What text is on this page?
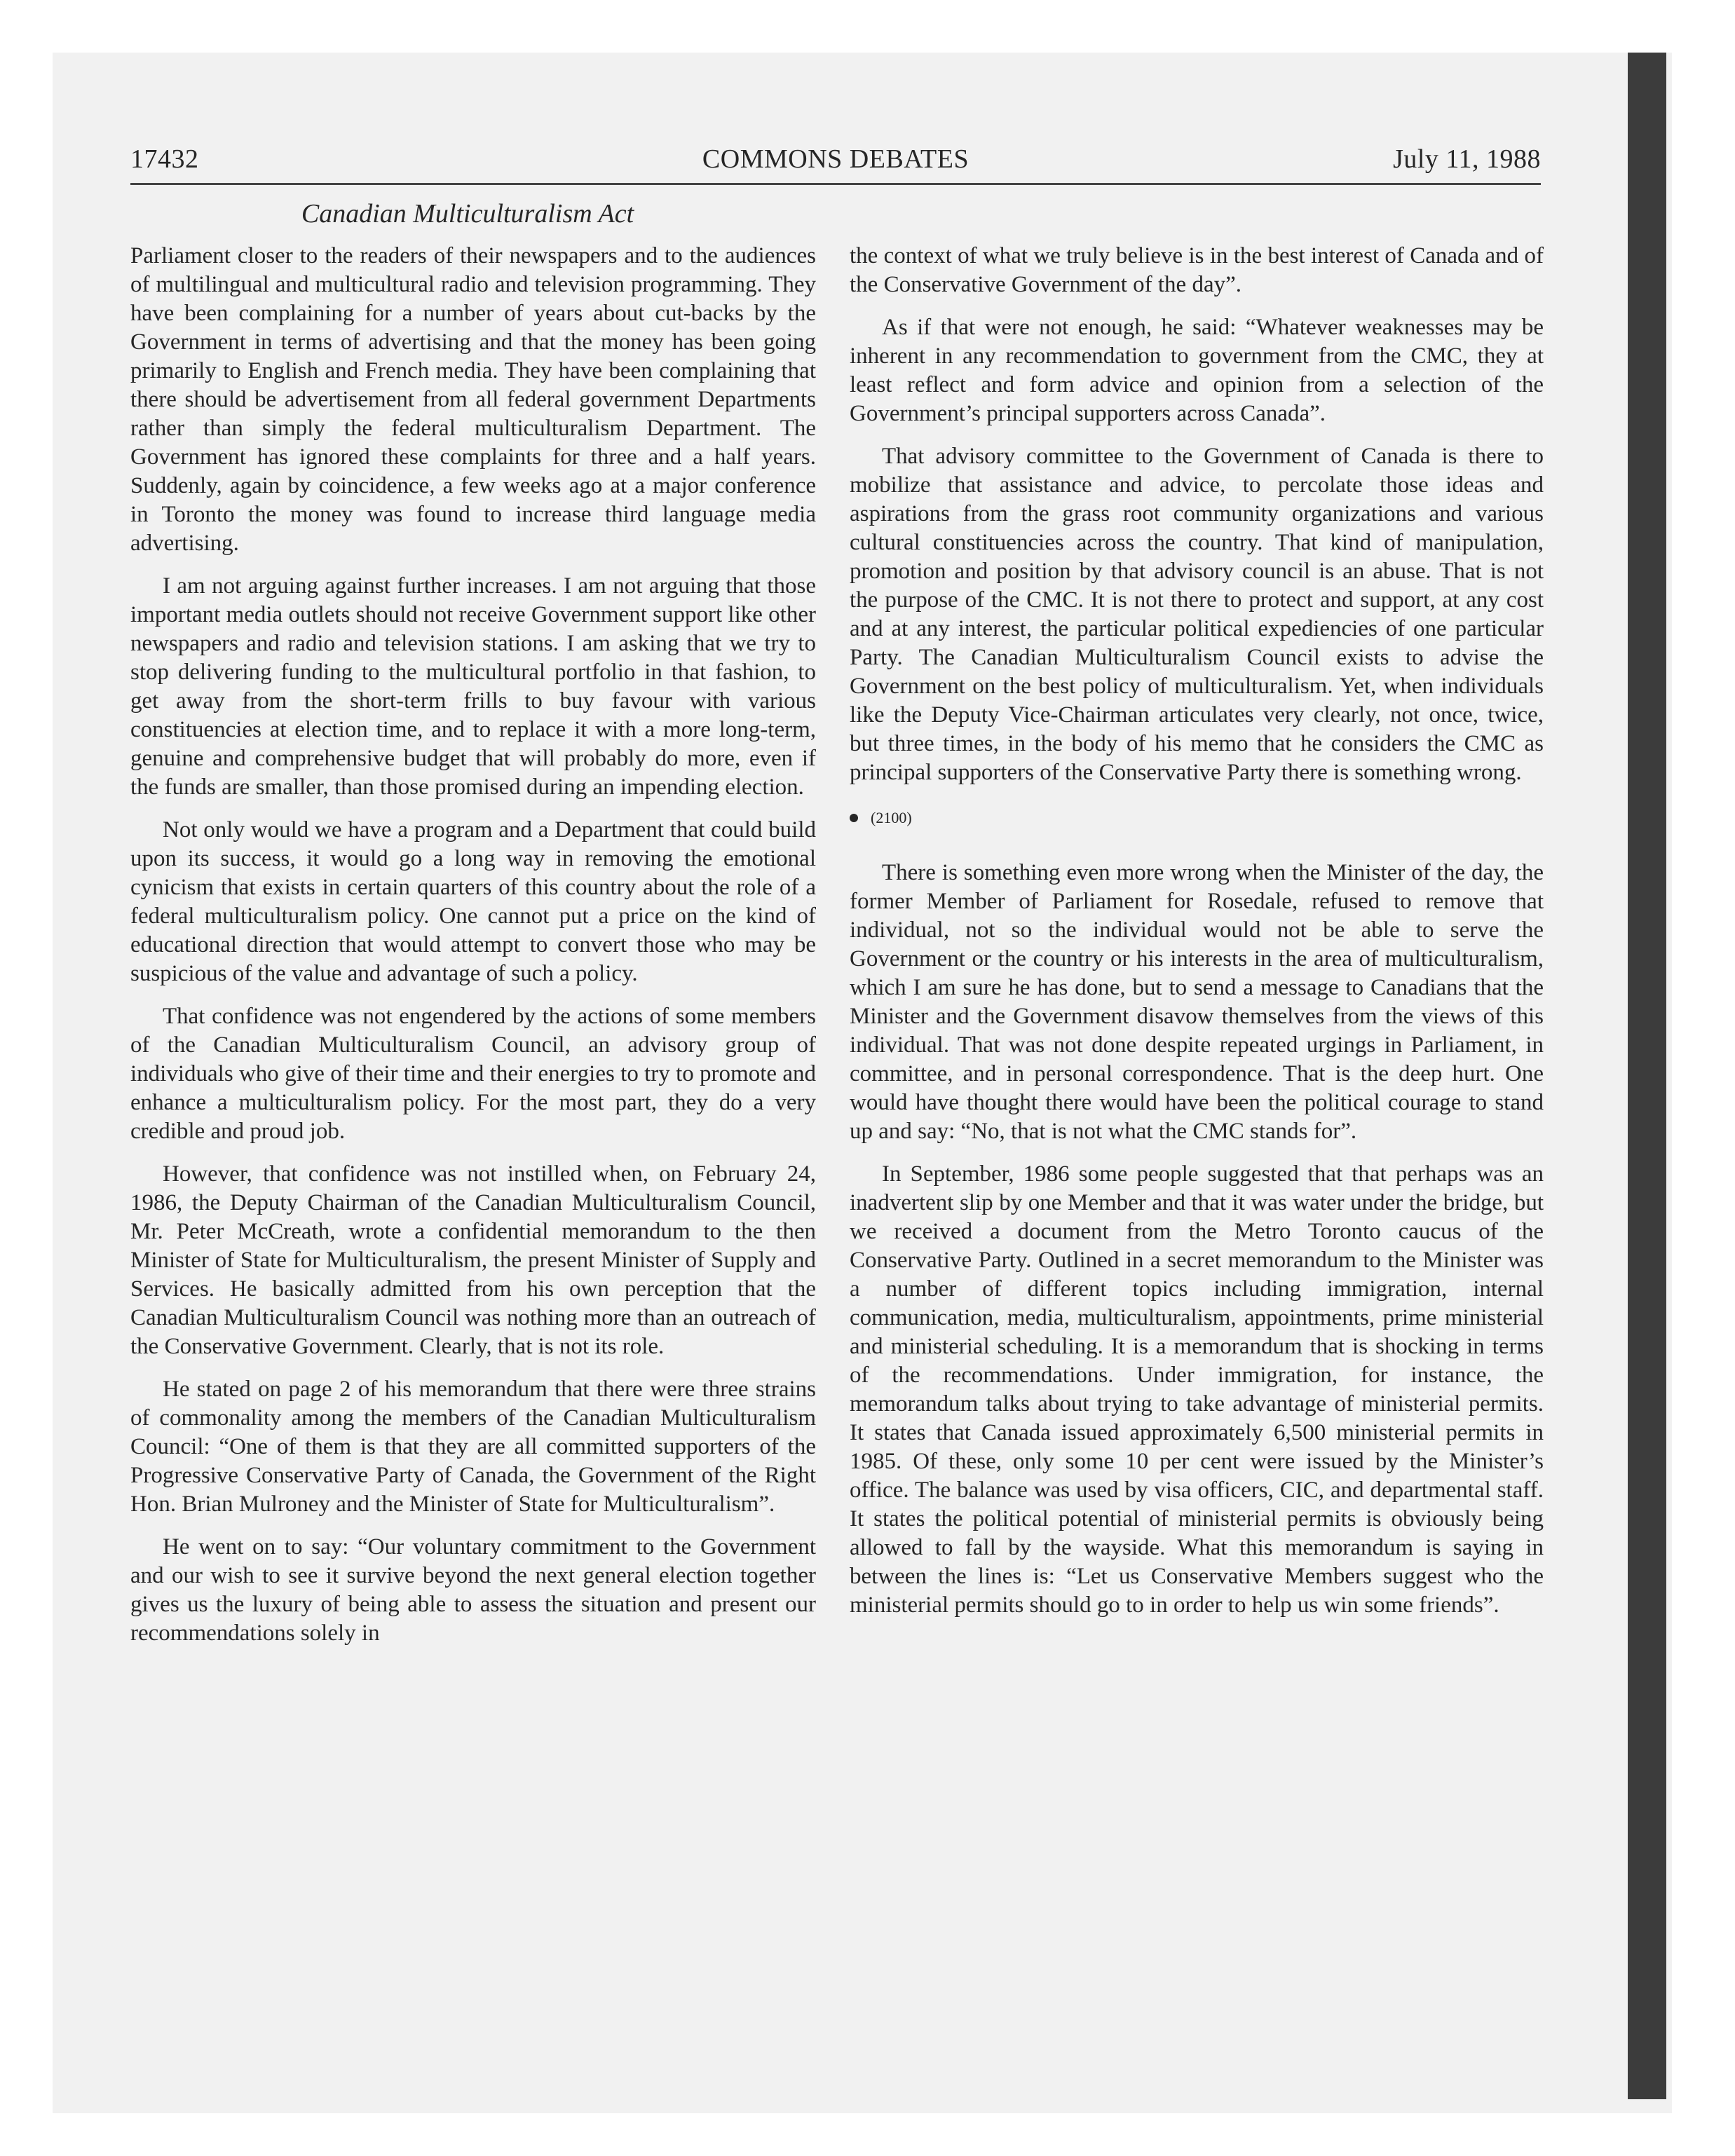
17432	COMMONS DEBATES	July 11, 1988
Canadian Multiculturalism Act

Parliament closer to the readers of their newspapers and to the audiences of multilingual and multicultural radio and television programming. They have been complaining for a number of years about cut-backs by the Government in terms of advertising and that the money has been going primarily to English and French media. They have been complaining that there should be advertisement from all federal government Departments rather than simply the federal multiculturalism Department. The Government has ignored these complaints for three and a half years. Suddenly, again by coincidence, a few weeks ago at a major conference in Toronto the money was found to increase third language media advertising.

I am not arguing against further increases. I am not arguing that those important media outlets should not receive Government support like other newspapers and radio and television stations. I am asking that we try to stop delivering funding to the multicultural portfolio in that fashion, to get away from the short-term frills to buy favour with various constituencies at election time, and to replace it with a more long-term, genuine and comprehensive budget that will probably do more, even if the funds are smaller, than those promised during an impending election.

Not only would we have a program and a Department that could build upon its success, it would go a long way in removing the emotional cynicism that exists in certain quarters of this country about the role of a federal multiculturalism policy. One cannot put a price on the kind of educational direction that would attempt to convert those who may be suspicious of the value and advantage of such a policy.

That confidence was not engendered by the actions of some members of the Canadian Multiculturalism Council, an advisory group of individuals who give of their time and their energies to try to promote and enhance a multiculturalism policy. For the most part, they do a very credible and proud job.

However, that confidence was not instilled when, on February 24, 1986, the Deputy Chairman of the Canadian Multiculturalism Council, Mr. Peter McCreath, wrote a confidential memorandum to the then Minister of State for Multiculturalism, the present Minister of Supply and Services. He basically admitted from his own perception that the Canadian Multiculturalism Council was nothing more than an outreach of the Conservative Government. Clearly, that is not its role.

He stated on page 2 of his memorandum that there were three strains of commonality among the members of the Canadian Multiculturalism Council: “One of them is that they are all committed supporters of the Progressive Conservative Party of Canada, the Government of the Right Hon. Brian Mulroney and the Minister of State for Multiculturalism”.

He went on to say: “Our voluntary commitment to the Government and our wish to see it survive beyond the next general election together gives us the luxury of being able to assess the situation and present our recommendations solely in

the context of what we truly believe is in the best interest of Canada and of the Conservative Government of the day”.

As if that were not enough, he said: “Whatever weaknesses may be inherent in any recommendation to government from the CMC, they at least reflect and form advice and opinion from a selection of the Government’s principal supporters across Canada”.

That advisory committee to the Government of Canada is there to mobilize that assistance and advice, to percolate those ideas and aspirations from the grass root community organizations and various cultural constituencies across the country. That kind of manipulation, promotion and position by that advisory council is an abuse. That is not the purpose of the CMC. It is not there to protect and support, at any cost and at any interest, the particular political expediencies of one particular Party. The Canadian Multiculturalism Council exists to advise the Government on the best policy of multiculturalism. Yet, when individuals like the Deputy Vice-Chairman articulates very clearly, not once, twice, but three times, in the body of his memo that he considers the CMC as principal supporters of the Conservative Party there is something wrong.

(2100)

There is something even more wrong when the Minister of the day, the former Member of Parliament for Rosedale, refused to remove that individual, not so the individual would not be able to serve the Government or the country or his interests in the area of multiculturalism, which I am sure he has done, but to send a message to Canadians that the Minister and the Government disavow themselves from the views of this individual. That was not done despite repeated urgings in Parliament, in committee, and in personal correspondence. That is the deep hurt. One would have thought there would have been the political courage to stand up and say: “No, that is not what the CMC stands for”.

In September, 1986 some people suggested that that perhaps was an inadvertent slip by one Member and that it was water under the bridge, but we received a document from the Metro Toronto caucus of the Conservative Party. Outlined in a secret memorandum to the Minister was a number of different topics including immigration, internal communication, media, multiculturalism, appointments, prime ministerial and ministerial scheduling. It is a memorandum that is shocking in terms of the recommendations. Under immigration, for instance, the memorandum talks about trying to take advantage of ministerial permits. It states that Canada issued approximately 6,500 ministerial permits in 1985. Of these, only some 10 per cent were issued by the Minister’s office. The balance was used by visa officers, CIC, and departmental staff. It states the political potential of ministerial permits is obviously being allowed to fall by the wayside. What this memorandum is saying in between the lines is: “Let us Conservative Members suggest who the ministerial permits should go to in order to help us win some friends”.
